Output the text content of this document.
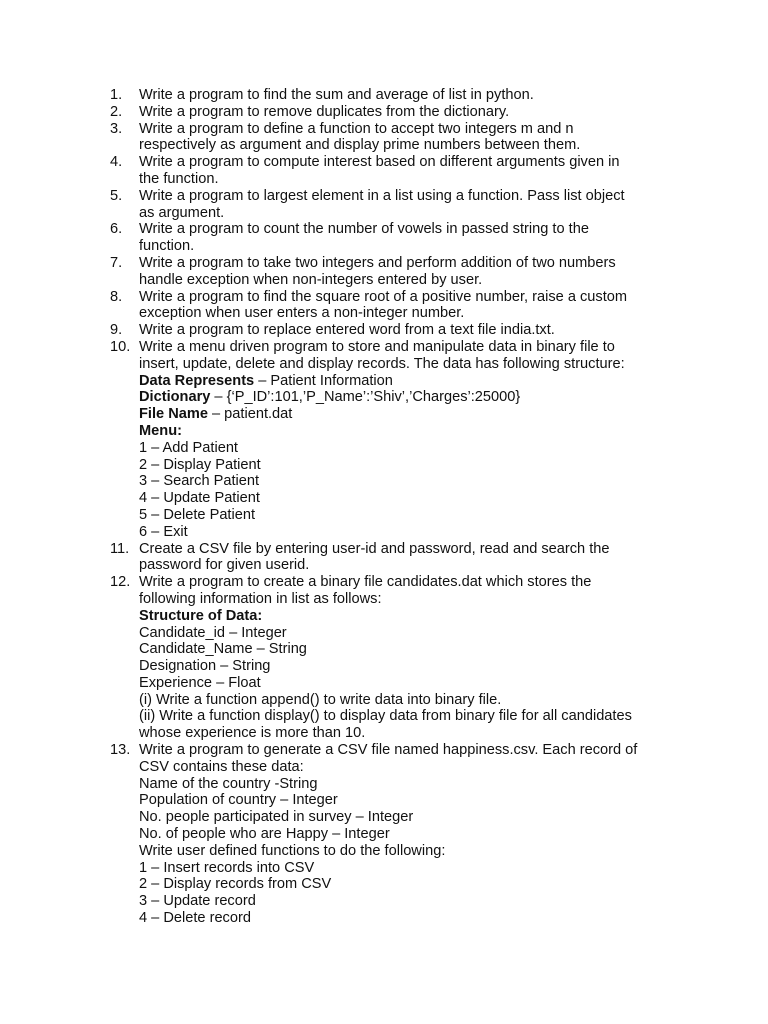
1.	Write a program to find the sum and average of list in python.
2.	Write a program to remove duplicates from the dictionary.
3.	Write a program to define a function to accept two integers m and n
respectively as argument and display prime numbers between them.
4.	Write a program to compute interest based on different arguments given in
the function.
5.	Write a program to largest element in a list using a function. Pass list object
as argument.
6.	Write a program to count the number of vowels in passed string to the
function.
7.	Write a program to take two integers and perform addition of two numbers
handle exception when non-integers entered by user.
8.	Write a program to find the square root of a positive number, raise a custom
exception when user enters a non-integer number.
9.	Write a program to replace entered word from a text file india.txt.
10. Write a menu driven program to store and manipulate data in binary file to
insert, update, delete and display records. The data has following structure:
Data Represents – Patient Information
Dictionary – {‘P_ID’:101,’P_Name’:’Shiv’,’Charges’:25000}
File Name – patient.dat
Menu:
1 – Add Patient
2 – Display Patient
3 – Search Patient
4 – Update Patient
5 – Delete Patient
6 – Exit
11. Create a CSV file by entering user-id and password, read and search the
password for given userid.
12. Write a program to create a binary file candidates.dat which stores the
following information in list as follows:
Structure of Data:
Candidate_id – Integer
Candidate_Name – String
Designation – String
Experience – Float
(i) Write a function append() to write data into binary file.
(ii) Write a function display() to display data from binary file for all candidates
whose experience is more than 10.
13. Write a program to generate a CSV file named happiness.csv. Each record of
CSV contains these data:
Name of the country -String
Population of country – Integer
No. people participated in survey – Integer
No. of people who are Happy – Integer
Write user defined functions to do the following:
1 – Insert records into CSV
2 – Display records from CSV
3 – Update record
4 – Delete record
